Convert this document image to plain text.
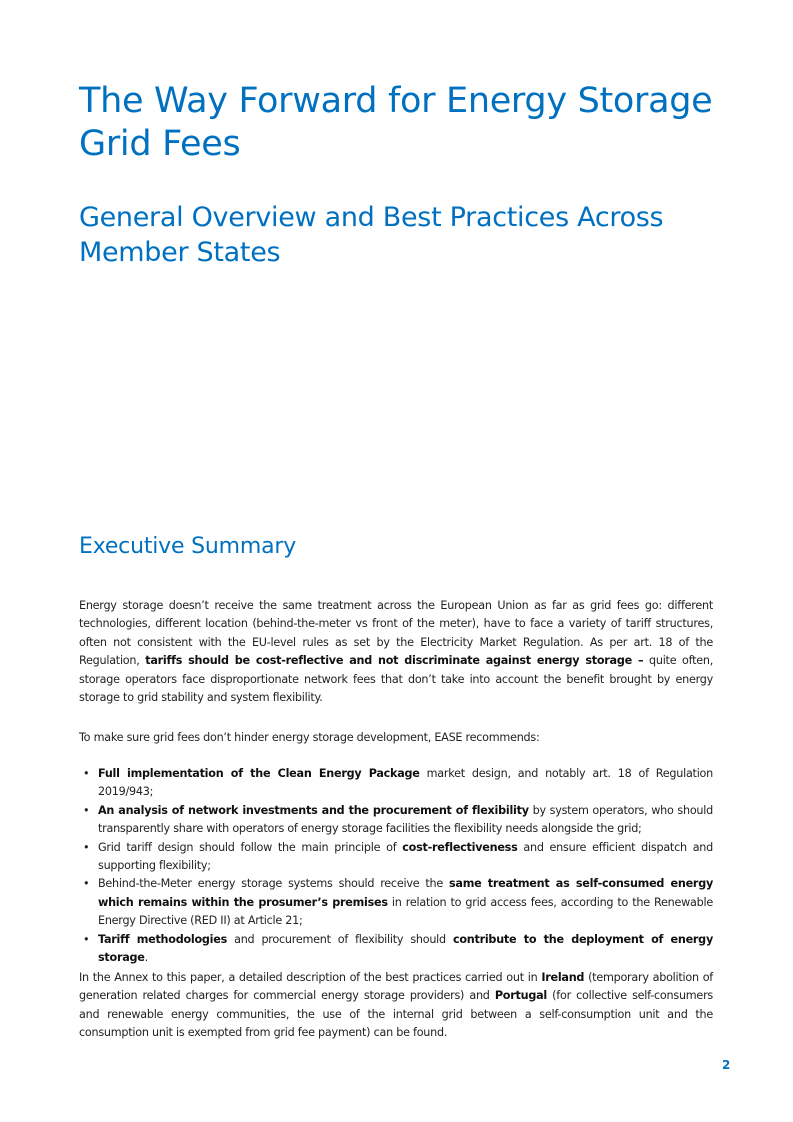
The Way Forward for Energy Storage Grid Fees
General Overview and Best Practices Across Member States
Executive Summary

Energy storage doesn’t receive the same treatment across the European Union as far as grid fees go: different technologies, different location (behind-the-meter vs front of the meter), have to face a variety of tariff structures, often not consistent with the EU-level rules as set by the Electricity Market Regulation. As per art. 18 of the Regulation, tariffs should be cost-reflective and not discriminate against energy storage – quite often, storage operators face disproportionate network fees that don’t take into account the benefit brought by energy storage to grid stability and system flexibility.

To make sure grid fees don’t hinder energy storage development, EASE recommends:

• Full implementation of the Clean Energy Package market design, and notably art. 18 of Regulation 2019/943;
• An analysis of network investments and the procurement of flexibility by system operators, who should transparently share with operators of energy storage facilities the flexibility needs alongside the grid;
• Grid tariff design should follow the main principle of cost-reflectiveness and ensure efficient dispatch and supporting flexibility;
• Behind-the-Meter energy storage systems should receive the same treatment as self-consumed energy which remains within the prosumer’s premises in relation to grid access fees, according to the Renewable Energy Directive (RED II) at Article 21;
• Tariff methodologies and procurement of flexibility should contribute to the deployment of energy storage.

In the Annex to this paper, a detailed description of the best practices carried out in Ireland (temporary abolition of generation related charges for commercial energy storage providers) and Portugal (for collective self-consumers and renewable energy communities, the use of the internal grid between a self-consumption unit and the consumption unit is exempted from grid fee payment) can be found.

2
